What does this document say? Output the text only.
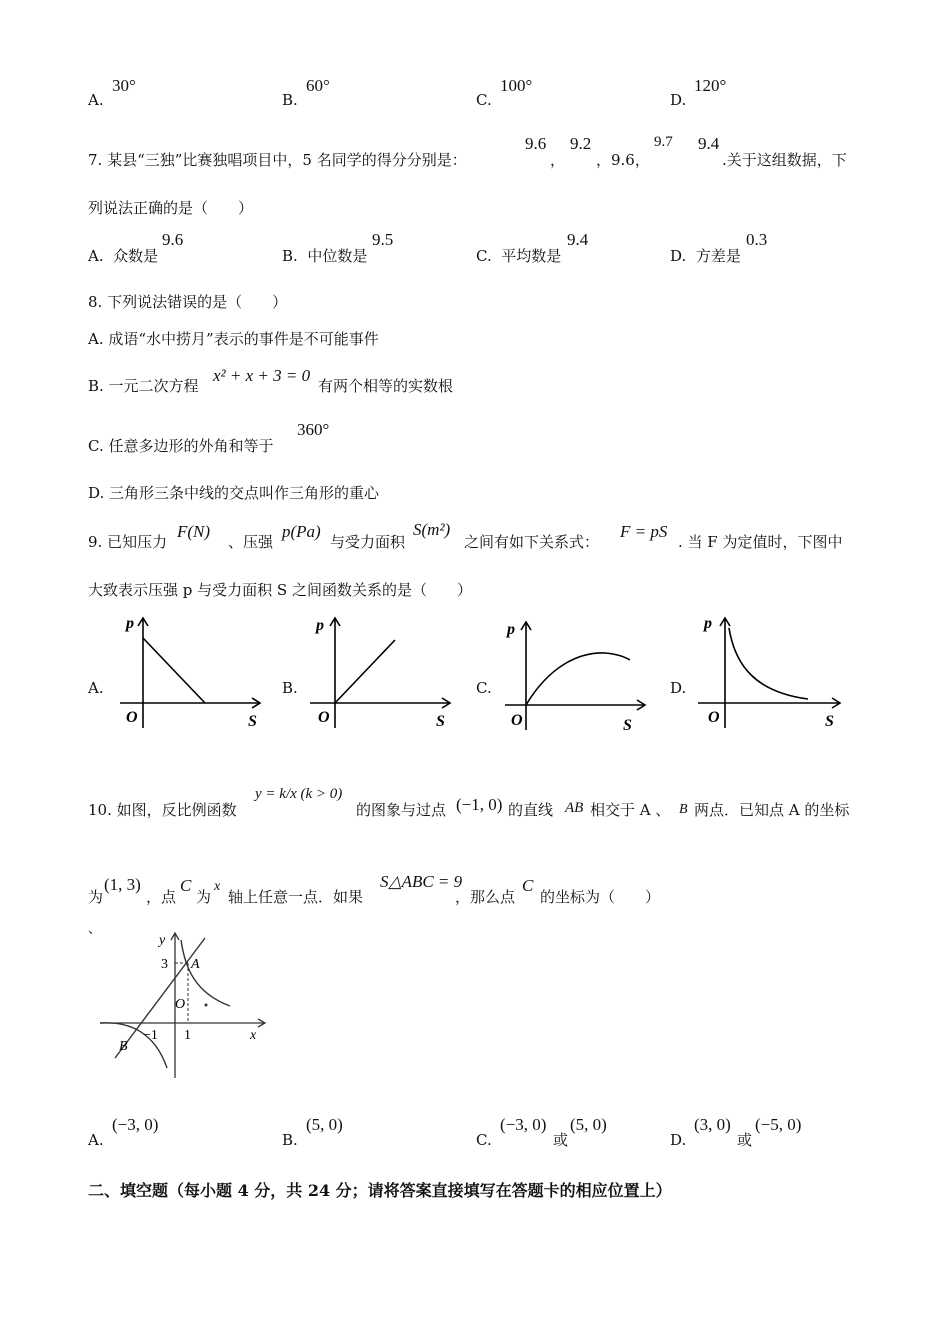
A.
30°
B.
60°
C.
100°
D.
120°
7. 某县“三独”比赛独唱项目中，5 名同学的得分分别是：
9.6
，
9.2
，9.6，
9.7 9.4
.关于这组数据，下
列说法正确的是（　　）
A. 众数是
9.6
B. 中位数是
9.5
C. 平均数是
9.4
D. 方差是
0.3
8. 下列说法错误的是（　　）
A. 成语“水中捞月”表示的事件是不可能事件
B. 一元二次方程
x² + x + 3 = 0
有两个相等的实数根
C. 任意多边形的外角和等于
360°
D. 三角形三条中线的交点叫作三角形的重心
9. 已知压力
F(N)
、压强
p(Pa)
与受力面积
S(m²)
之间有如下关系式：
F = pS
. 当 F 为定值时，下图中
大致表示压强 p 与受力面积 S 之间函数关系的是（　　）
A.	B.	C.	D.
p
S
O
p
S
O
p
S
O
p
S
O
10. 如图，反比例函数
y = k/x (k > 0)
的图象与过点 (−1, 0) 的直线 AB 相交于 A 、 B 两点．已知点 A 的坐标
为
(1, 3)
，点
C
为
x
轴上任意一点．如果
S△ABC = 9
，那么点
C
的坐标为（　　）
、
y
x
3 A
O
−1 1
B
A.
(−3, 0)
B.
(5, 0)
C.
(−3, 0)
或
(5, 0)
D.
(3, 0)
或
(−5, 0)
二、填空题（每小题 4 分，共 24 分；请将答案直接填写在答题卡的相应位置上）
